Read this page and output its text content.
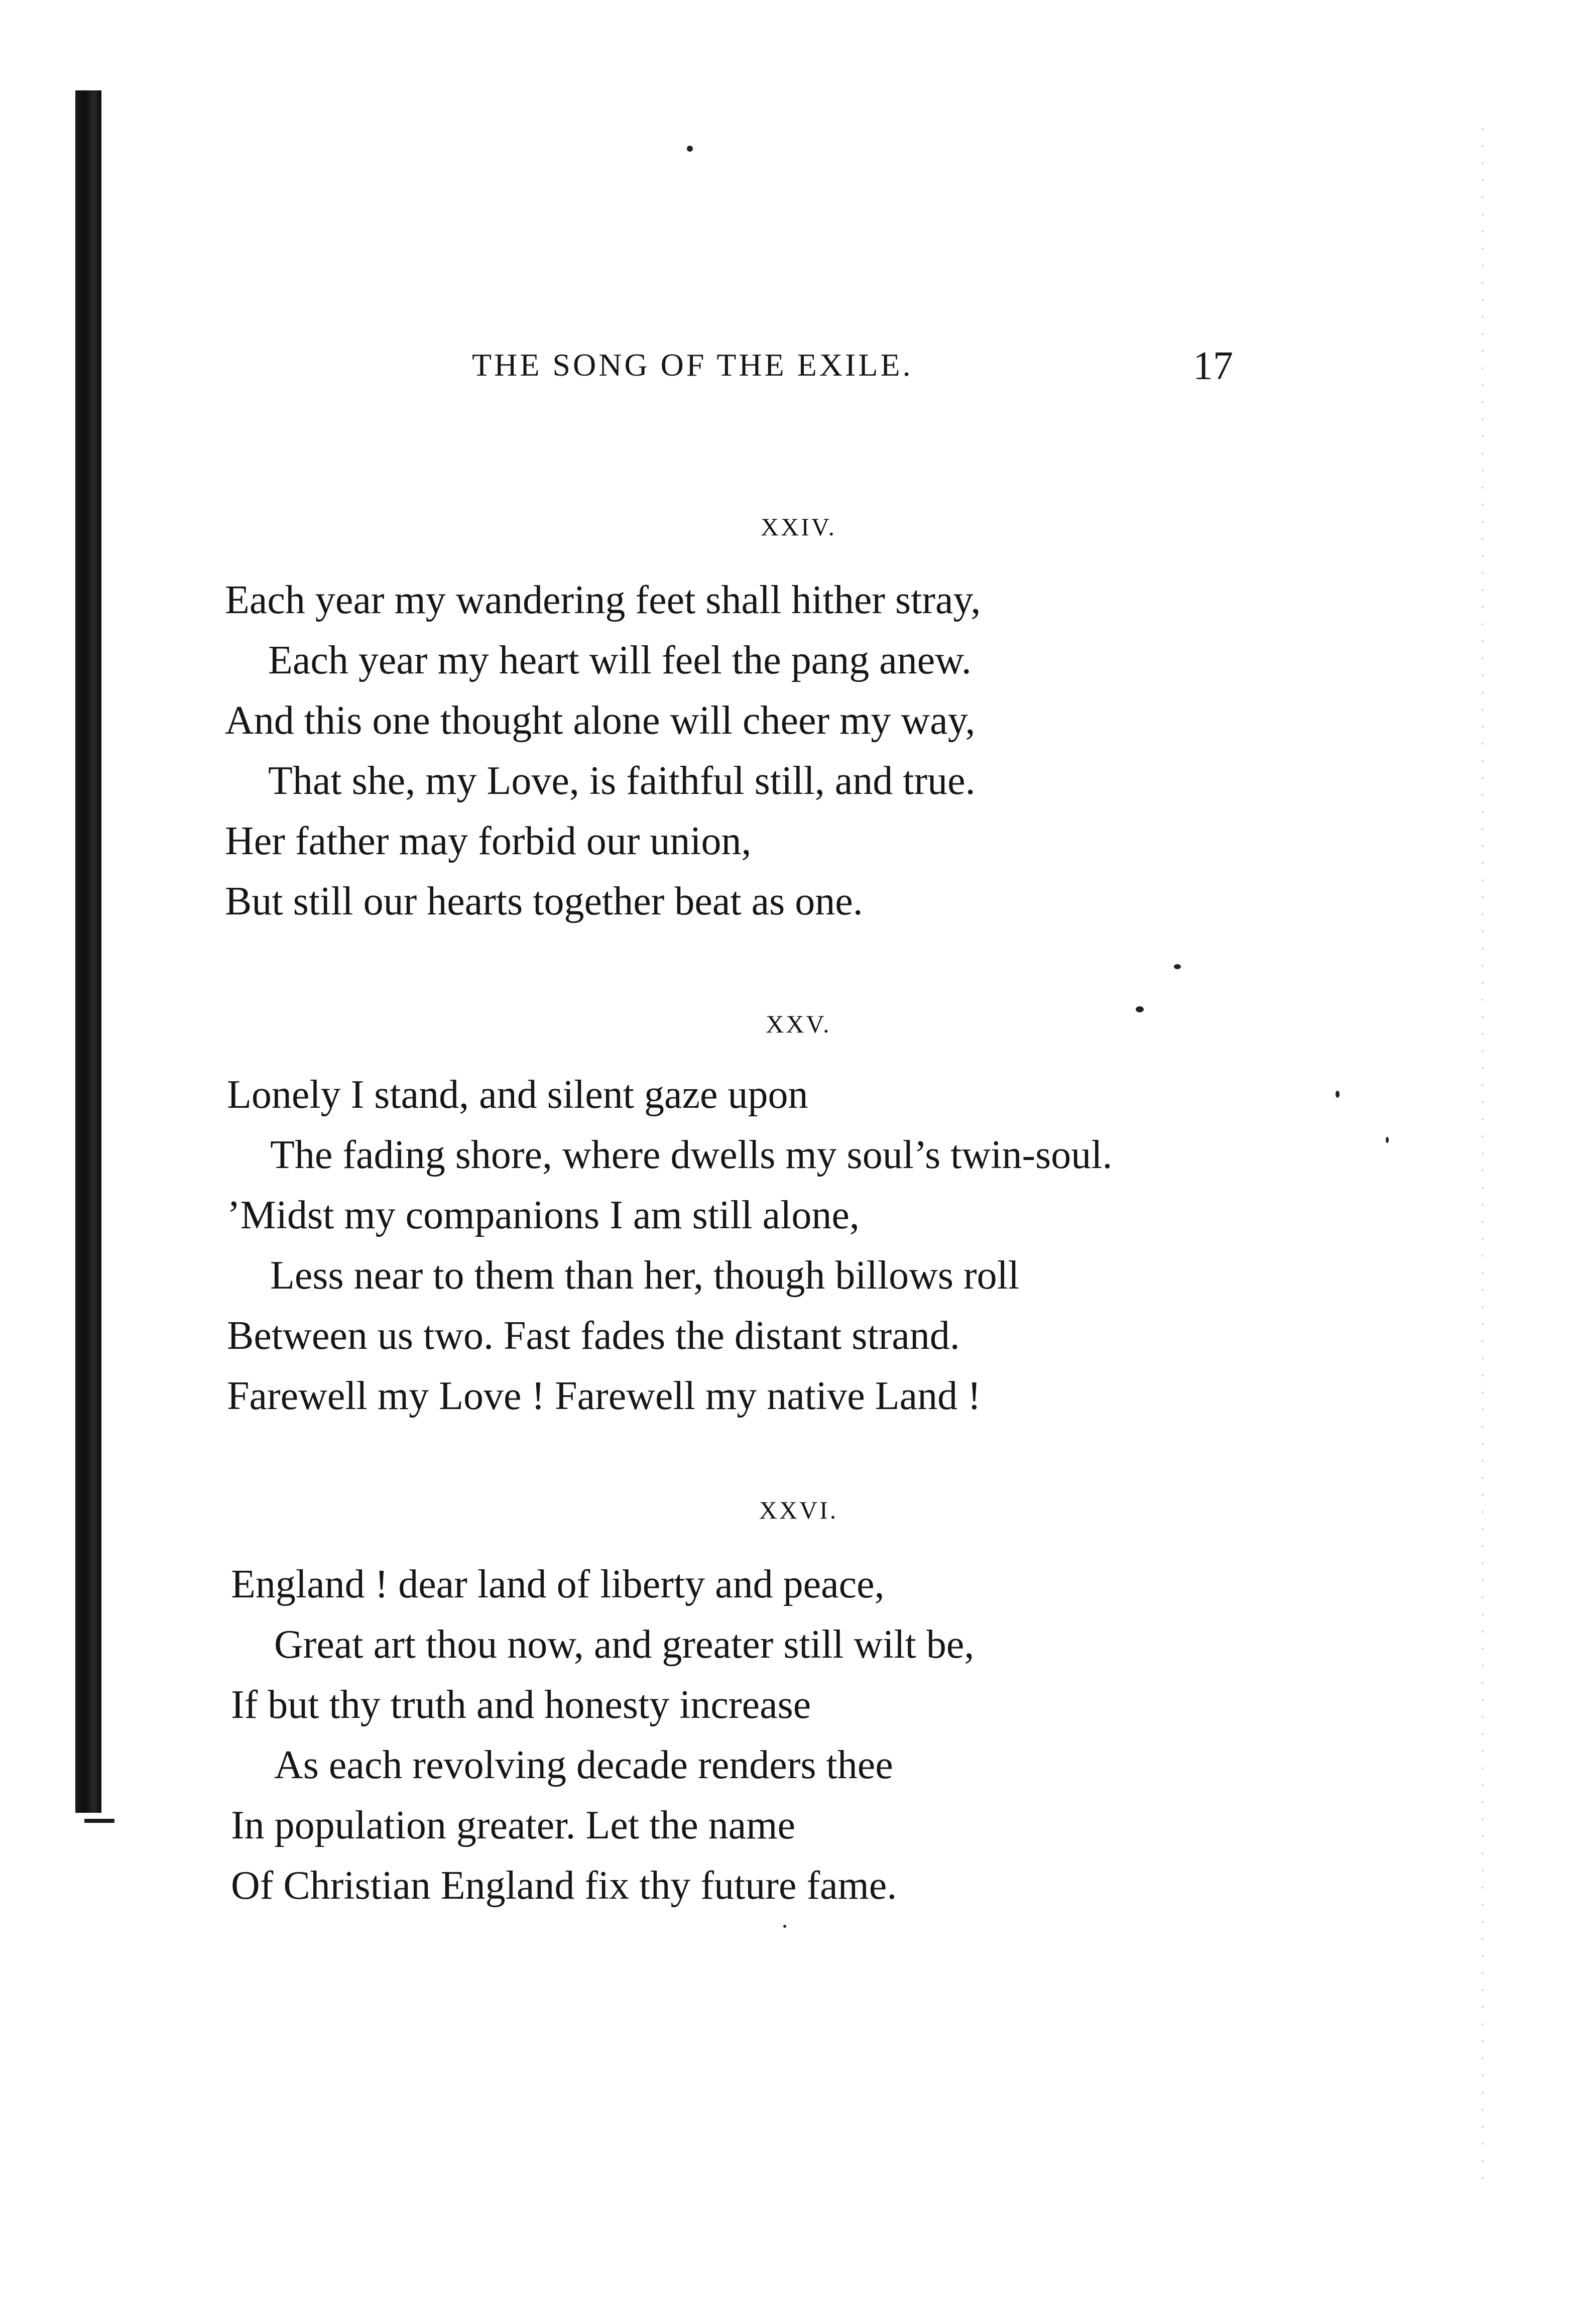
THE SONG OF THE EXILE.	17
XXIV.
Each year my wandering feet shall hither stray,
Each year my heart will feel the pang anew.
And this one thought alone will cheer my way,
That she, my Love, is faithful still, and true.
Her father may forbid our union,
But still our hearts together beat as one.
XXV.
Lonely I stand, and silent gaze upon
The fading shore, where dwells my soul’s twin-soul.
’Midst my companions I am still alone,
Less near to them than her, though billows roll
Between us two. Fast fades the distant strand.
Farewell my Love ! Farewell my native Land !
XXVI.
England ! dear land of liberty and peace,
Great art thou now, and greater still wilt be,
If but thy truth and honesty increase
As each revolving decade renders thee
In population greater. Let the name
Of Christian England fix thy future fame.
